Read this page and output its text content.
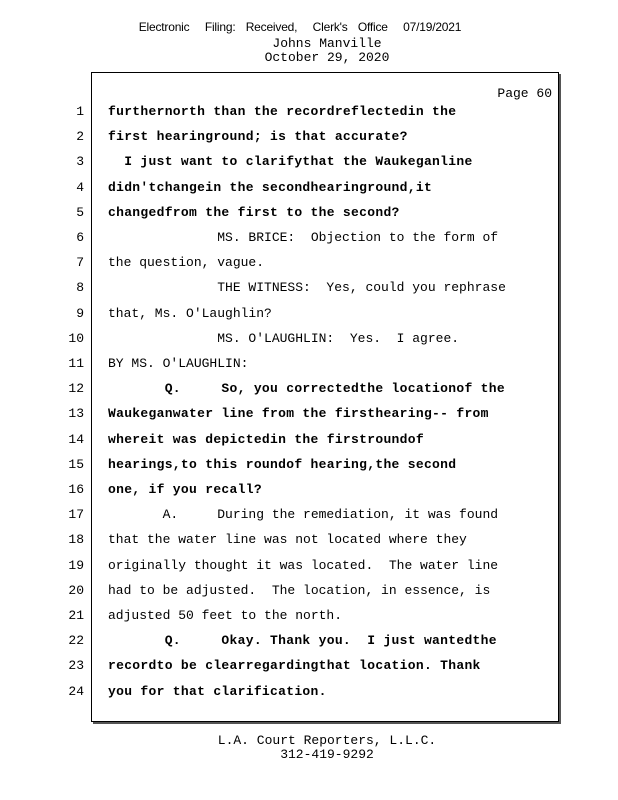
Electronic   Filing:  Received,   Clerk's  Office   07/19/2021
Johns Manville
October 29, 2020
Page 60
1 furthernorth than the recordreflectedin the
2 first hearinground; is that accurate?
3 I just want to clarifythat the Waukeganline
4 didn'tchangein the secondhearinground,it
5 changedfrom the first to the second?
6 MS. BRICE:  Objection to the form of
7 the question, vague.
8 THE WITNESS:  Yes, could you rephrase
9 that, Ms. O'Laughlin?
10 MS. O'LAUGHLIN:  Yes.  I agree.
11 BY MS. O'LAUGHLIN:
12 Q.     So, you correctedthe locationof the
13 Waukeganwater line from the firsthearing-- from
14 whereit was depictedin the firstroundof
15 hearings,to this roundof hearing,the second
16 one, if you recall?
17 A.     During the remediation, it was found
18 that the water line was not located where they
19 originally thought it was located.  The water line
20 had to be adjusted.  The location, in essence, is
21 adjusted 50 feet to the north.
22 Q.     Okay. Thank you.  I just wantedthe
23 recordto be clearregardingthat location. Thank
24 you for that clarification.
L.A. Court Reporters, L.L.C.
312-419-9292
